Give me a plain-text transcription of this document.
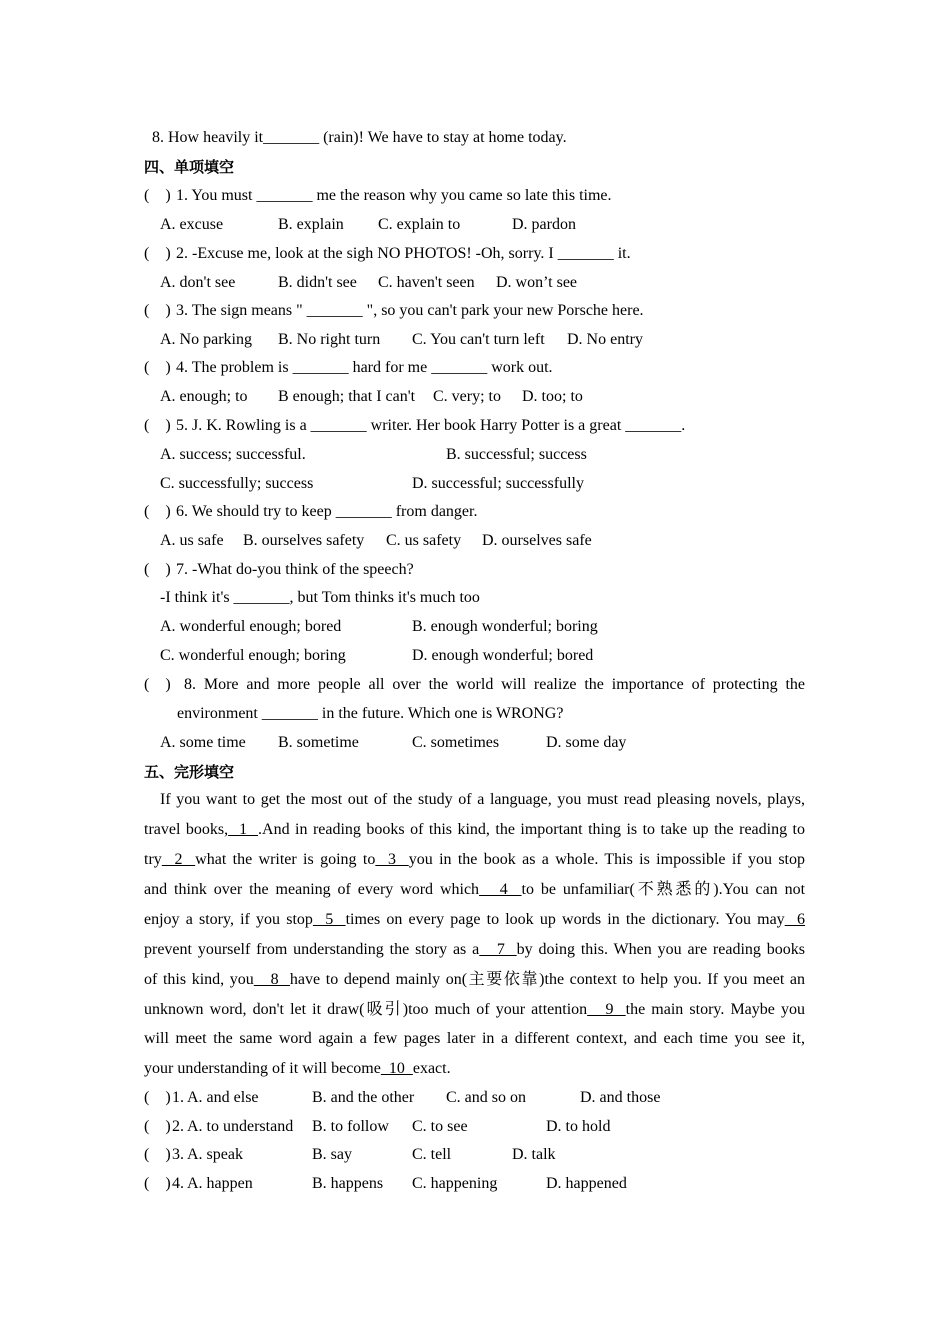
8. How heavily it_______ (rain)! We have to stay at home today.
四、单项填空
(    ) 1. You must _______ me the reason why you came so late this time.
A. excuse	B. explain C. explain to	D. pardon
(    ) 2. -Excuse me, look at the sigh NO PHOTOS! -Oh, sorry. I _______ it.
A. don't see	B. didn't see C. haven't seen D. won’t see
(    ) 3. The sign means " _______ ", so you can't park your new Porsche here.
A. No parking B. No right turn C. You can't turn left D. No entry
(    ) 4. The problem is _______ hard for me _______ work out.
A. enough; to B enough; that I can't C. very; to D. too; to
(    ) 5. J. K. Rowling is a _______ writer. Her book Harry Potter is a great _______.
A. success; successful.	B. successful; success
C. successfully; success	D. successful; successfully
(    ) 6. We should try to keep _______ from danger.
A. us safe B. ourselves safety C. us safety D. ourselves safe
(    ) 7. -What do-you think of the speech?
-I think it's _______, but Tom thinks it's much too
A. wonderful enough; bored	B. enough wonderful; boring
C. wonderful enough; boring	D. enough wonderful; bored
(    ) 8. More and more people all over the world will realize the importance of protecting the
environment _______ in the future. Which one is WRONG?
A. some time B. sometime	C. sometimes	D. some day
五、完形填空
If you want to get the most out of the study of a language, you must read pleasing novels, plays,
travel books,  1  .And in reading books of this kind, the important thing is to take up the reading to
try  2  what the writer is going to  3  you in the book as a whole. This is impossible if you stop
and think over the meaning of every word which   4  to be unfamiliar(不熟悉的).You can not
enjoy a story, if you stop  5  times on every page to look up words in the dictionary. You may  6
prevent yourself from understanding the story as a   7  by doing this. When you are reading books
of this kind, you   8  have to depend mainly on(主要依靠)the context to help you. If you meet an
unknown word, don't let it draw(吸引)too much of your attention   9  the main story. Maybe you
will meet the same word again a few pages later in a different context, and each time you see it,
your understanding of it will become  10  exact.
(    ) 1. A. and else	B. and the other C. and so on	D. and those
(    ) 2. A. to understand B. to follow C. to see	D. to hold
(    ) 3. A. speak	B. say	C. tell	D. talk
(    ) 4. A. happen	B. happens C. happening	D. happened
